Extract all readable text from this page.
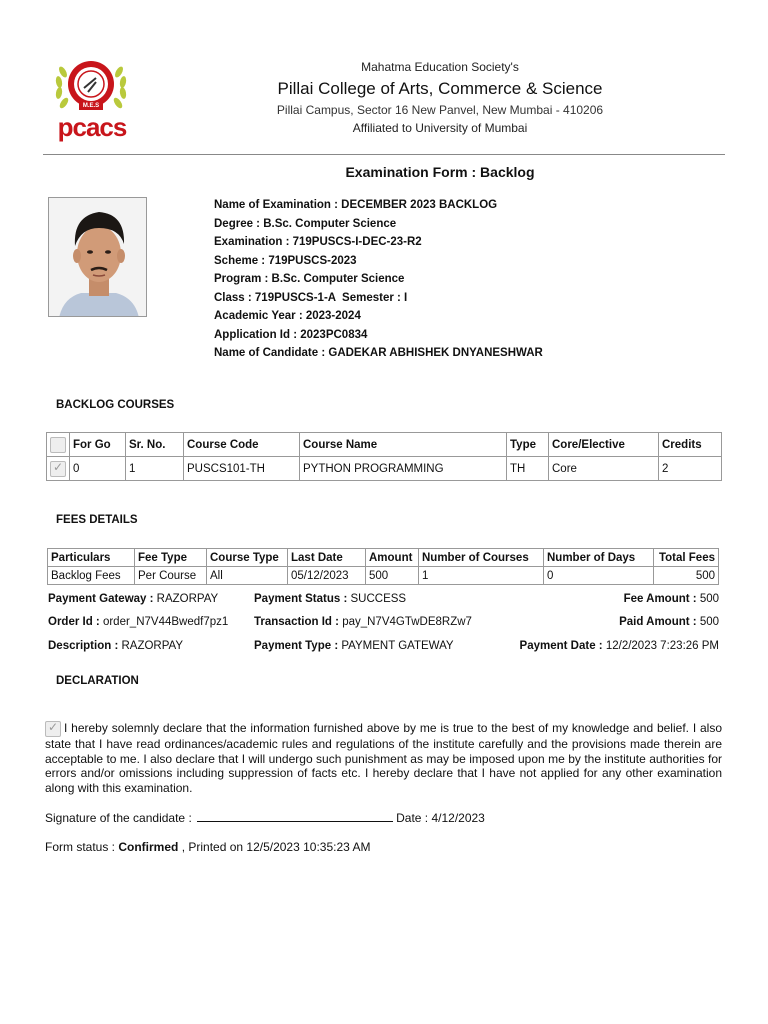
M.E.S
pcacs
Mahatma Education Society's
Pillai College of Arts, Commerce & Science
Pillai Campus, Sector 16 New Panvel, New Mumbai - 410206
Affiliated to University of Mumbai
Examination Form : Backlog
Name of Examination : DECEMBER 2023 BACKLOG
Degree : B.Sc. Computer Science
Examination : 719PUSCS-I-DEC-23-R2
Scheme : 719PUSCS-2023
Program : B.Sc. Computer Science
Class : 719PUSCS-1-A  Semester : I
Academic Year : 2023-2024
Application Id : 2023PC0834
Name of Candidate : GADEKAR ABHISHEK DNYANESHWAR
BACKLOG COURSES
	For Go	Sr. No.	Course Code	Course Name	Type	Core/Elective	Credits
✓	0	1	PUSCS101-TH	PYTHON PROGRAMMING	TH	Core	2
FEES DETAILS
Particulars	Fee Type	Course Type	Last Date	Amount	Number of Courses	Number of Days	Total Fees
Backlog Fees	Per Course	All	05/12/2023	500	1	0	500
Payment Gateway : RAZORPAY	Payment Status : SUCCESS	Fee Amount : 500
Order Id : order_N7V44Bwedf7pz1 Transaction Id : pay_N7V4GTwDE8RZw7	Paid Amount : 500
Description : RAZORPAY	Payment Type : PAYMENT GATEWAY	Payment Date : 12/2/2023 7:23:26 PM
DECLARATION
✓I hereby solemnly declare that the information furnished above by me is true to the best of my knowledge and belief. I also state that I have read ordinances/academic rules and regulations of the institute carefully and the provisions made therein are acceptable to me. I also declare that I will undergo such punishment as may be imposed upon me by the institute authorities for errors and/or omissions including suppression of facts etc. I hereby declare that I have not applied for any other examination along with this examination.
Signature of the candidate :	Date : 4/12/2023
Form status : Confirmed , Printed on 12/5/2023 10:35:23 AM
